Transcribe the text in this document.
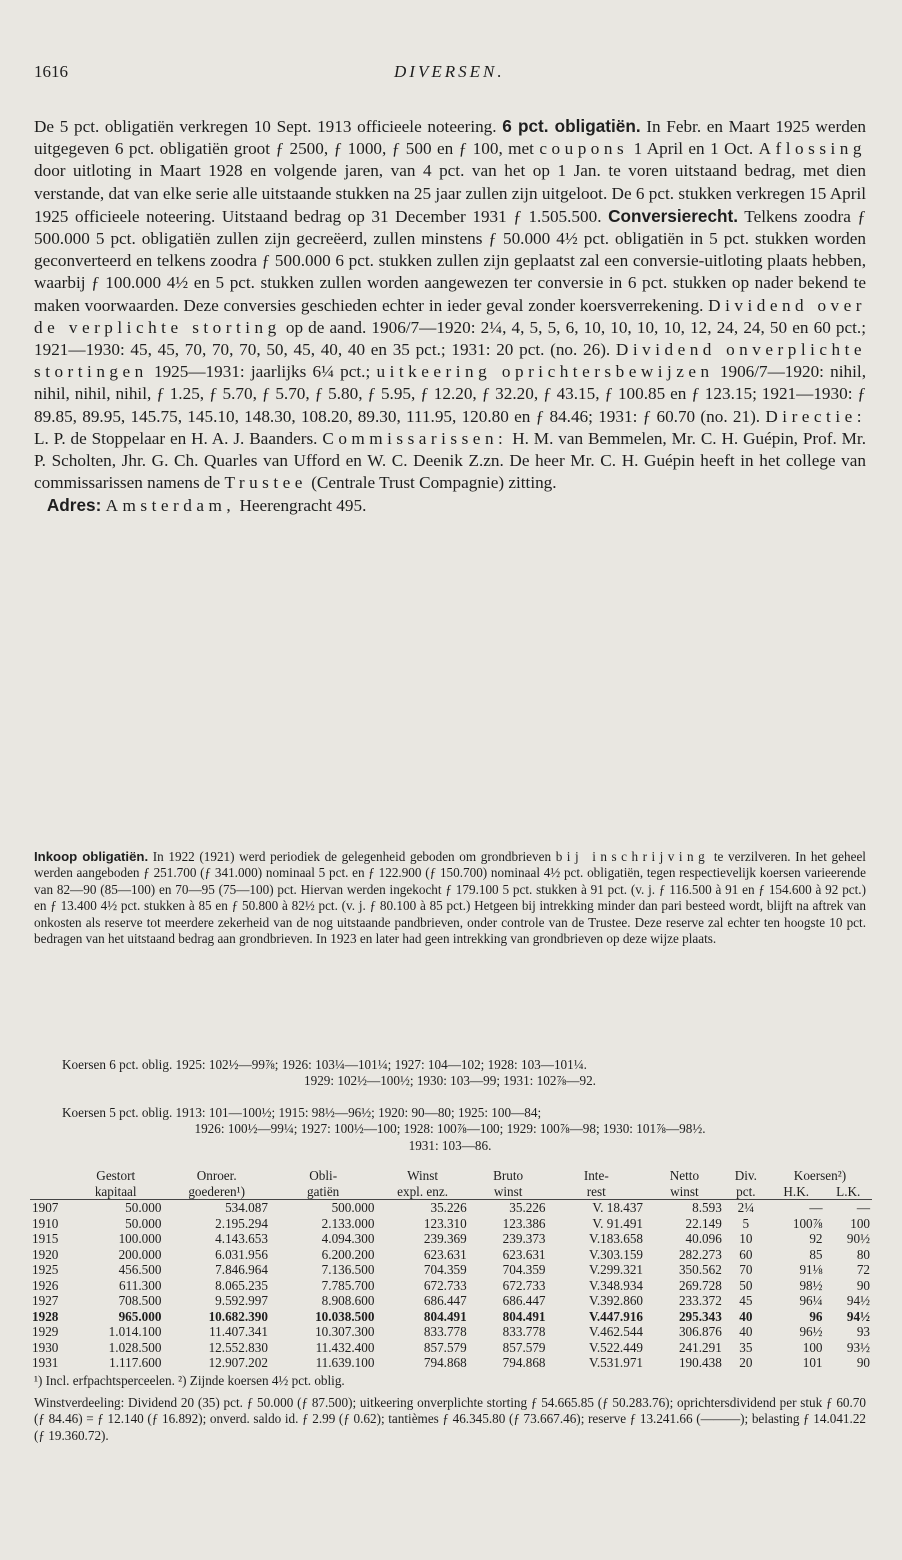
1616	DIVERSEN.

De 5 pct. obligatiën verkregen 10 Sept. 1913 officieele noteering. 6 pct. obligatiën. In Febr. en Maart 1925 werden uitgegeven 6 pct. obligatiën groot ƒ 2500, ƒ 1000, ƒ 500 en ƒ 100, met coupons 1 April en 1 Oct. Aflossing door uitloting in Maart 1928 en volgende jaren, van 4 pct. van het op 1 Jan. te voren uitstaand bedrag, met dien verstande, dat van elke serie alle uitstaande stukken na 25 jaar zullen zijn uitgeloot. De 6 pct. stukken verkregen 15 April 1925 officieele noteering. Uitstaand bedrag op 31 December 1931 ƒ 1.505.500. Conversierecht. Telkens zoodra ƒ 500.000 5 pct. obligatiën zullen zijn gecreëerd, zullen minstens ƒ 50.000 4½ pct. obligatiën in 5 pct. stukken worden geconverteerd en telkens zoodra ƒ 500.000 6 pct. stukken zullen zijn geplaatst zal een conversie-uitloting plaats hebben, waarbij ƒ 100.000 4½ en 5 pct. stukken zullen worden aangewezen ter conversie in 6 pct. stukken op nader bekend te maken voorwaarden. Deze conversies geschieden echter in ieder geval zonder koersverrekening. Dividend over de verplichte storting op de aand. 1906/7—1920: 2¼, 4, 5, 5, 6, 10, 10, 10, 10, 12, 24, 24, 50 en 60 pct.; 1921—1930: 45, 45, 70, 70, 70, 50, 45, 40, 40 en 35 pct.; 1931: 20 pct. (no. 26). Dividend onverplichte stortingen 1925—1931: jaarlijks 6¼ pct.; uitkeering oprichtersbewijzen 1906/7—1920: nihil, nihil, nihil, nihil, ƒ 1.25, ƒ 5.70, ƒ 5.70, ƒ 5.80, ƒ 5.95, ƒ 12.20, ƒ 32.20, ƒ 43.15, ƒ 100.85 en ƒ 123.15; 1921—1930: ƒ 89.85, 89.95, 145.75, 145.10, 148.30, 108.20, 89.30, 111.95, 120.80 en ƒ 84.46; 1931: ƒ 60.70 (no. 21). Directie: L. P. de Stoppelaar en H. A. J. Baanders. Commissarissen: H. M. van Bemmelen, Mr. C. H. Guépin, Prof. Mr. P. Scholten, Jhr. G. Ch. Quarles van Ufford en W. C. Deenik Z.zn. De heer Mr. C. H. Guépin heeft in het college van commissarissen namens de Trustee (Centrale Trust Compagnie) zitting.

Adres: Amsterdam, Heerengracht 495.

Inkoop obligatiën. In 1922 (1921) werd periodiek de gelegenheid geboden om grondbrieven bij inschrijving te verzilveren. In het geheel werden aangeboden ƒ 251.700 (ƒ 341.000) nominaal 5 pct. en ƒ 122.900 (ƒ 150.700) nominaal 4½ pct. obligatiën, tegen respectievelijk koersen varieerende van 82—90 (85—100) en 70—95 (75—100) pct. Hiervan werden ingekocht ƒ 179.100 5 pct. stukken à 91 pct. (v. j. ƒ 116.500 à 91 en ƒ 154.600 à 92 pct.) en ƒ 13.400 4½ pct. stukken à 85 en ƒ 50.800 à 82½ pct. (v. j. ƒ 80.100 à 85 pct.) Hetgeen bij intrekking minder dan pari besteed wordt, blijft na aftrek van onkosten als reserve tot meerdere zekerheid van de nog uitstaande pandbrieven, onder controle van de Trustee. Deze reserve zal echter ten hoogste 10 pct. bedragen van het uitstaand bedrag aan grondbrieven. In 1923 en later had geen intrekking van grondbrieven op deze wijze plaats.

Koersen 6 pct. oblig. 1925: 102½—99⅞; 1926: 103¼—101¼; 1927: 104—102; 1928: 103—101¼.
1929: 102½—100½; 1930: 103—99; 1931: 102⅞—92.
Koersen 5 pct. oblig. 1913: 101—100½; 1915: 98½—96½; 1920: 90—80; 1925: 100—84;
1926: 100½—99¼; 1927: 100½—100; 1928: 100⅞—100; 1929: 100⅞—98; 1930: 101⅞—98½.
1931: 103—86.
	Gestort	Onroer.	Obli-	Winst	Bruto	Inte-	Netto	Div.	Koersen²)	
	kapitaal	goederen¹)	gatiën	expl. enz.	winst	rest	winst	pct.	H.K.	L.K.
1907	50.000	534.087	500.000	35.226	35.226	V. 18.437	8.593	2¼	—	—
1910	50.000	2.195.294	2.133.000	123.310	123.386	V. 91.491	22.149	5	100⅞	100
1915	100.000	4.143.653	4.094.300	239.369	239.373	V.183.658	40.096	10	92	90½
1920	200.000	6.031.956	6.200.200	623.631	623.631	V.303.159	282.273	60	85	80
1925	456.500	7.846.964	7.136.500	704.359	704.359	V.299.321	350.562	70	91⅛	72
1926	611.300	8.065.235	7.785.700	672.733	672.733	V.348.934	269.728	50	98½	90
1927	708.500	9.592.997	8.908.600	686.447	686.447	V.392.860	233.372	45	96¼	94½
1928	965.000	10.682.390	10.038.500	804.491	804.491	V.447.916	295.343	40	96	94½
1929	1.014.100	11.407.341	10.307.300	833.778	833.778	V.462.544	306.876	40	96½	93
1930	1.028.500	12.552.830	11.432.400	857.579	857.579	V.522.449	241.291	35	100	93½
1931	1.117.600	12.907.202	11.639.100	794.868	794.868	V.531.971	190.438	20	101	90
¹) Incl. erfpachtsperceelen. ²) Zijnde koersen 4½ pct. oblig.
Winstverdeeling: Dividend 20 (35) pct. ƒ 50.000 (ƒ 87.500); uitkeering onverplichte storting ƒ 54.665.85 (ƒ 50.283.76); oprichtersdividend per stuk ƒ 60.70 (ƒ 84.46) = ƒ 12.140 (ƒ 16.892); onverd. saldo id. ƒ 2.99 (ƒ 0.62); tantièmes ƒ 46.345.80 (ƒ 73.667.46); reserve ƒ 13.241.66 (———); belasting ƒ 14.041.22 (ƒ 19.360.72).
